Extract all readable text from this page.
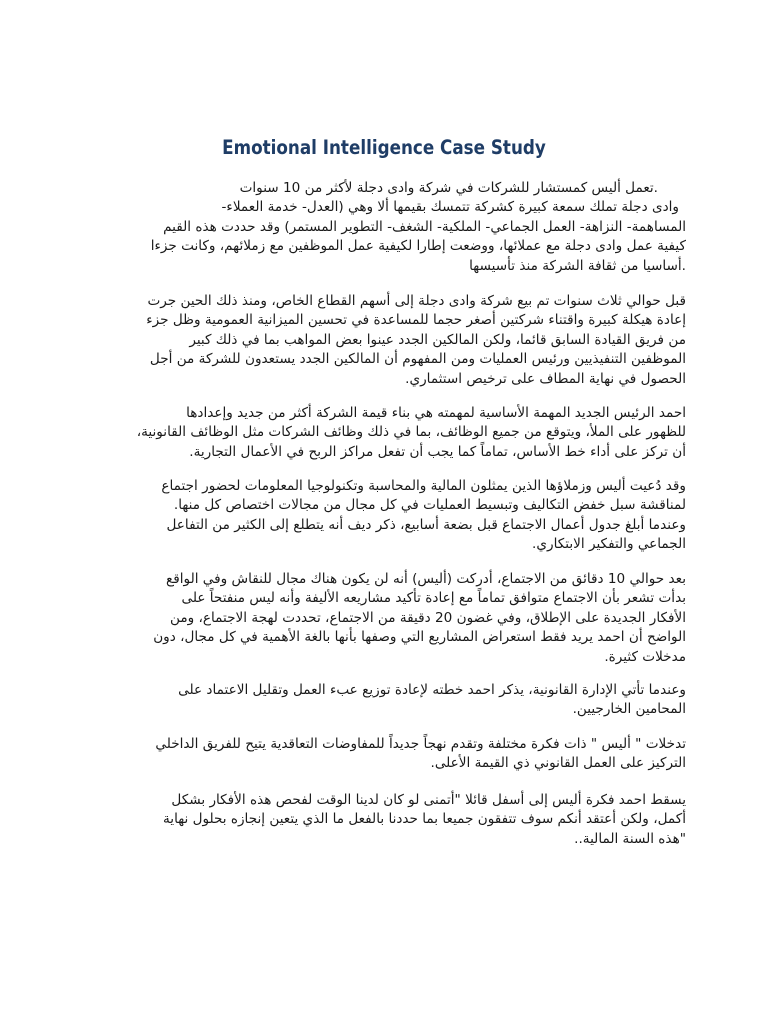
Emotional Intelligence Case Study
.تعمل أليس كمستشار للشركات في شركة وادى دجلة لأكثر من 10 سنوات
وادى دجلة تملك سمعة كبيرة كشركة تتمسك بقيمها ألا وهي (العدل- خدمة العملاء-
المساهمة- النزاهة- العمل الجماعي- الملكية- الشغف- التطوير المستمر) وقد حددت هذه القيم
كيفية عمل وادى دجلة مع عملائها، ووضعت إطارا لكيفية عمل الموظفين مع زملائهم، وكانت جزءا
.أساسيا من ثقافة الشركة منذ تأسيسها
قبل حوالي ثلاث سنوات تم بيع شركة وادى دجلة إلى أسهم القطاع الخاص، ومنذ ذلك الحين جرت
إعادة هيكلة كبيرة واقتناء شركتين أصغر حجما للمساعدة في تحسين الميزانية العمومية وظل جزء
من فريق القيادة السابق قائما، ولكن المالكين الجدد عينوا بعض المواهب بما في ذلك كبير
الموظفين التنفيذيين ورئيس العمليات ومن المفهوم أن المالكين الجدد يستعدون للشركة من أجل
الحصول في نهاية المطاف على ترخيص استثماري.
احمد الرئيس الجديد المهمة الأساسية لمهمته هي بناء قيمة الشركة أكثر من جديد وإعدادها
للظهور على الملأ، ويتوقع من جميع الوظائف، بما في ذلك وظائف الشركات مثل الوظائف القانونية،
أن تركز على أداء خط الأساس، تماماً كما يجب أن تفعل مراكز الربح في الأعمال التجارية.
وقد دُعيت أليس وزملاؤها الذين يمثلون المالية والمحاسبة وتكنولوجيا المعلومات لحضور اجتماع
لمناقشة سبل خفض التكاليف وتبسيط العمليات في كل مجال من مجالات اختصاص كل منها.
وعندما أبلغ جدول أعمال الاجتماع قبل بضعة أسابيع، ذكر ديف أنه يتطلع إلى الكثير من التفاعل
الجماعي والتفكير الابتكاري.
بعد حوالي 10 دقائق من الاجتماع، أدركت (أليس) أنه لن يكون هناك مجال للنقاش وفي الواقع
بدأت تشعر بأن الاجتماع متوافق تماماً مع إعادة تأكيد مشاريعه الأليفة وأنه ليس منفتحاً على
الأفكار الجديدة على الإطلاق، وفي غضون 20 دقيقة من الاجتماع، تحددت لهجة الاجتماع، ومن
الواضح أن احمد يريد فقط استعراض المشاريع التي وصفها بأنها بالغة الأهمية في كل مجال، دون
مدخلات كثيرة.
وعندما تأتي الإدارة القانونية، يذكر احمد خطته لإعادة توزيع عبء العمل وتقليل الاعتماد على
المحامين الخارجيين.
تدخلات " أليس " ذات فكرة مختلفة وتقدم نهجاً جديداً للمفاوضات التعاقدية يتيح للفريق الداخلي
التركيز على العمل القانوني ذي القيمة الأعلى.
يسقط احمد فكرة أليس إلى أسفل قائلا "أتمنى لو كان لدينا الوقت لفحص هذه الأفكار بشكل
أكمل، ولكن أعتقد أنكم سوف تتفقون جميعا بما حددنا بالفعل ما الذي يتعين إنجازه بحلول نهاية
"هذه السنة المالية..
